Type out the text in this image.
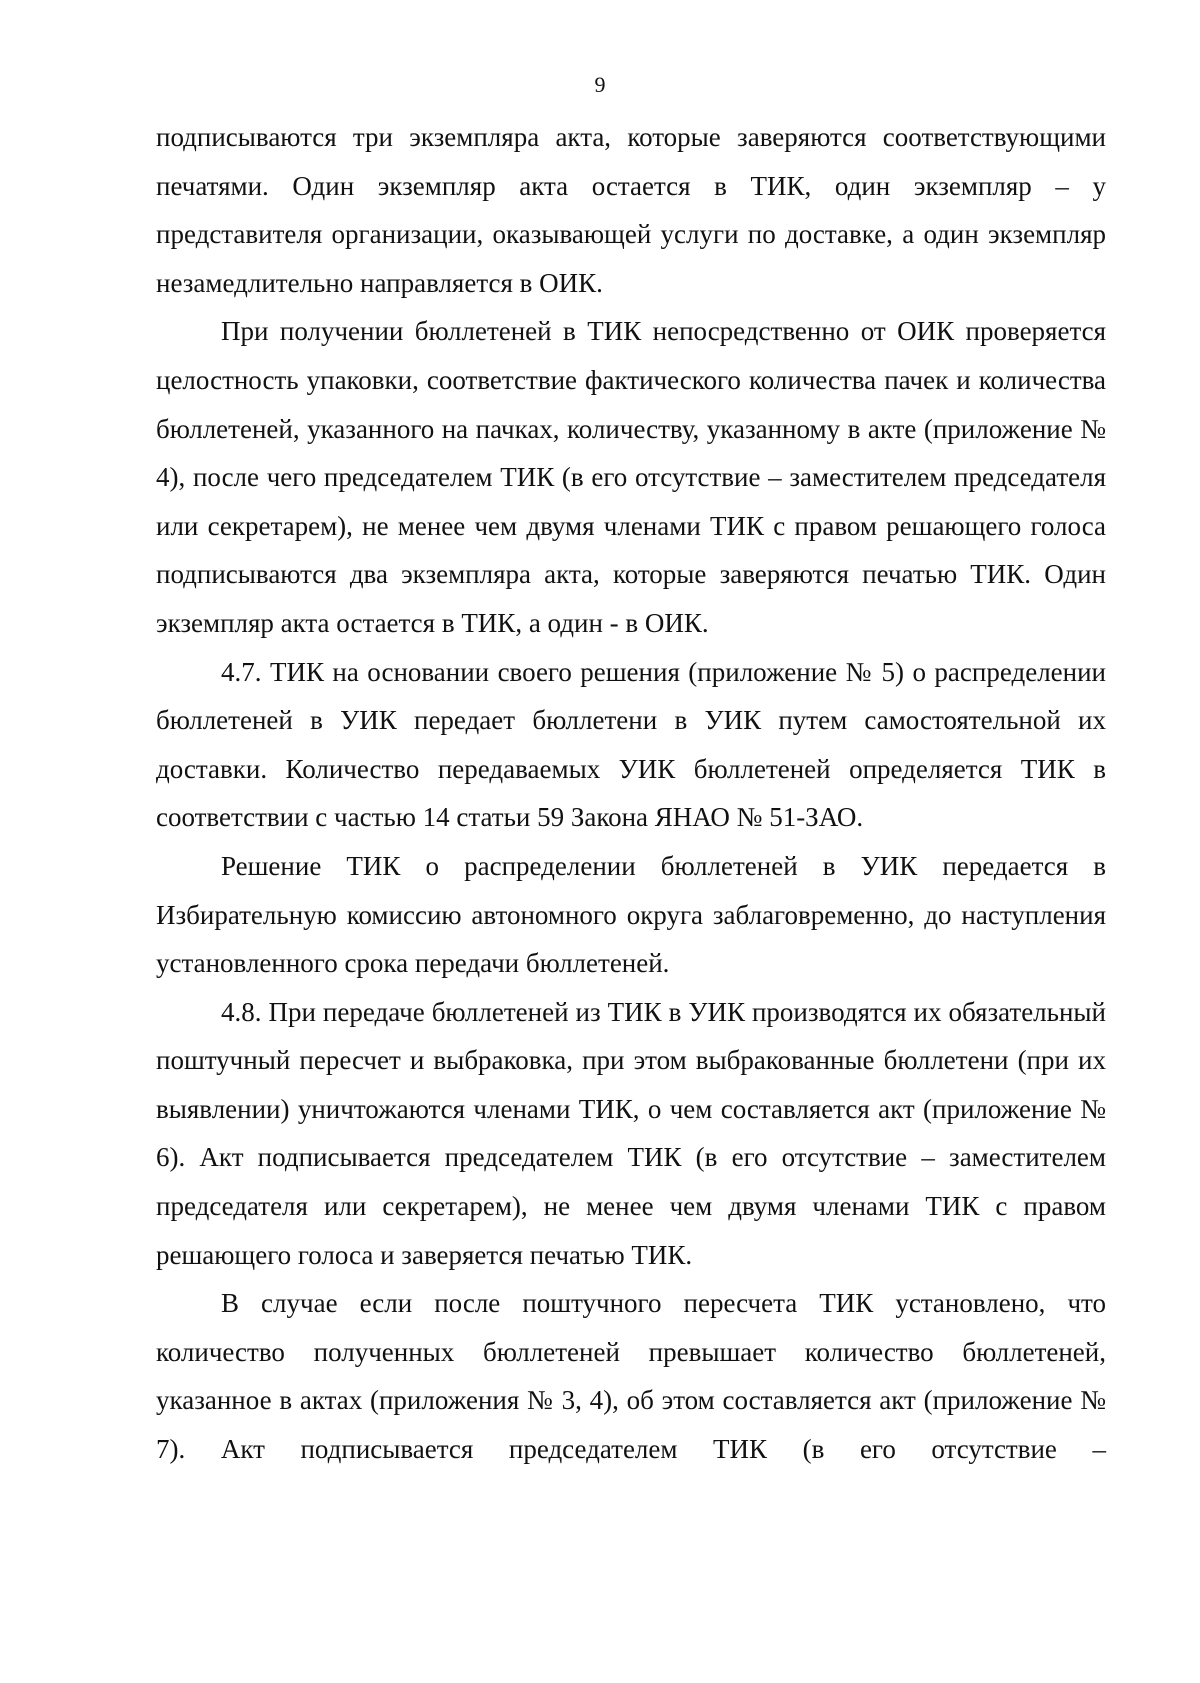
9

подписываются три экземпляра акта, которые заверяются соответствующими печатями. Один экземпляр акта остается в ТИК, один экземпляр – у представителя организации, оказывающей услуги по доставке, а один экземпляр незамедлительно направляется в ОИК.

При получении бюллетеней в ТИК непосредственно от ОИК проверяется целостность упаковки, соответствие фактического количества пачек и количества бюллетеней, указанного на пачках, количеству, указанному в акте (приложение № 4), после чего председателем ТИК (в его отсутствие – заместителем председателя или секретарем), не менее чем двумя членами ТИК с правом решающего голоса подписываются два экземпляра акта, которые заверяются печатью ТИК. Один экземпляр акта остается в ТИК, а один - в ОИК.

4.7. ТИК на основании своего решения (приложение № 5) о распределении бюллетеней в УИК передает бюллетени в УИК путем самостоятельной их доставки. Количество передаваемых УИК бюллетеней определяется ТИК в соответствии с частью 14 статьи 59 Закона ЯНАО № 51-ЗАО.

Решение ТИК о распределении бюллетеней в УИК передается в Избирательную комиссию автономного округа заблаговременно, до наступления установленного срока передачи бюллетеней.

4.8. При передаче бюллетеней из ТИК в УИК производятся их обязательный поштучный пересчет и выбраковка, при этом выбракованные бюллетени (при их выявлении) уничтожаются членами ТИК, о чем составляется акт (приложение № 6). Акт подписывается председателем ТИК (в его отсутствие – заместителем председателя или секретарем), не менее чем двумя членами ТИК с правом решающего голоса и заверяется печатью ТИК.

В случае если после поштучного пересчета ТИК установлено, что количество полученных бюллетеней превышает количество бюллетеней, указанное в актах (приложения № 3, 4), об этом составляется акт (приложение № 7). Акт подписывается председателем ТИК (в его отсутствие –
